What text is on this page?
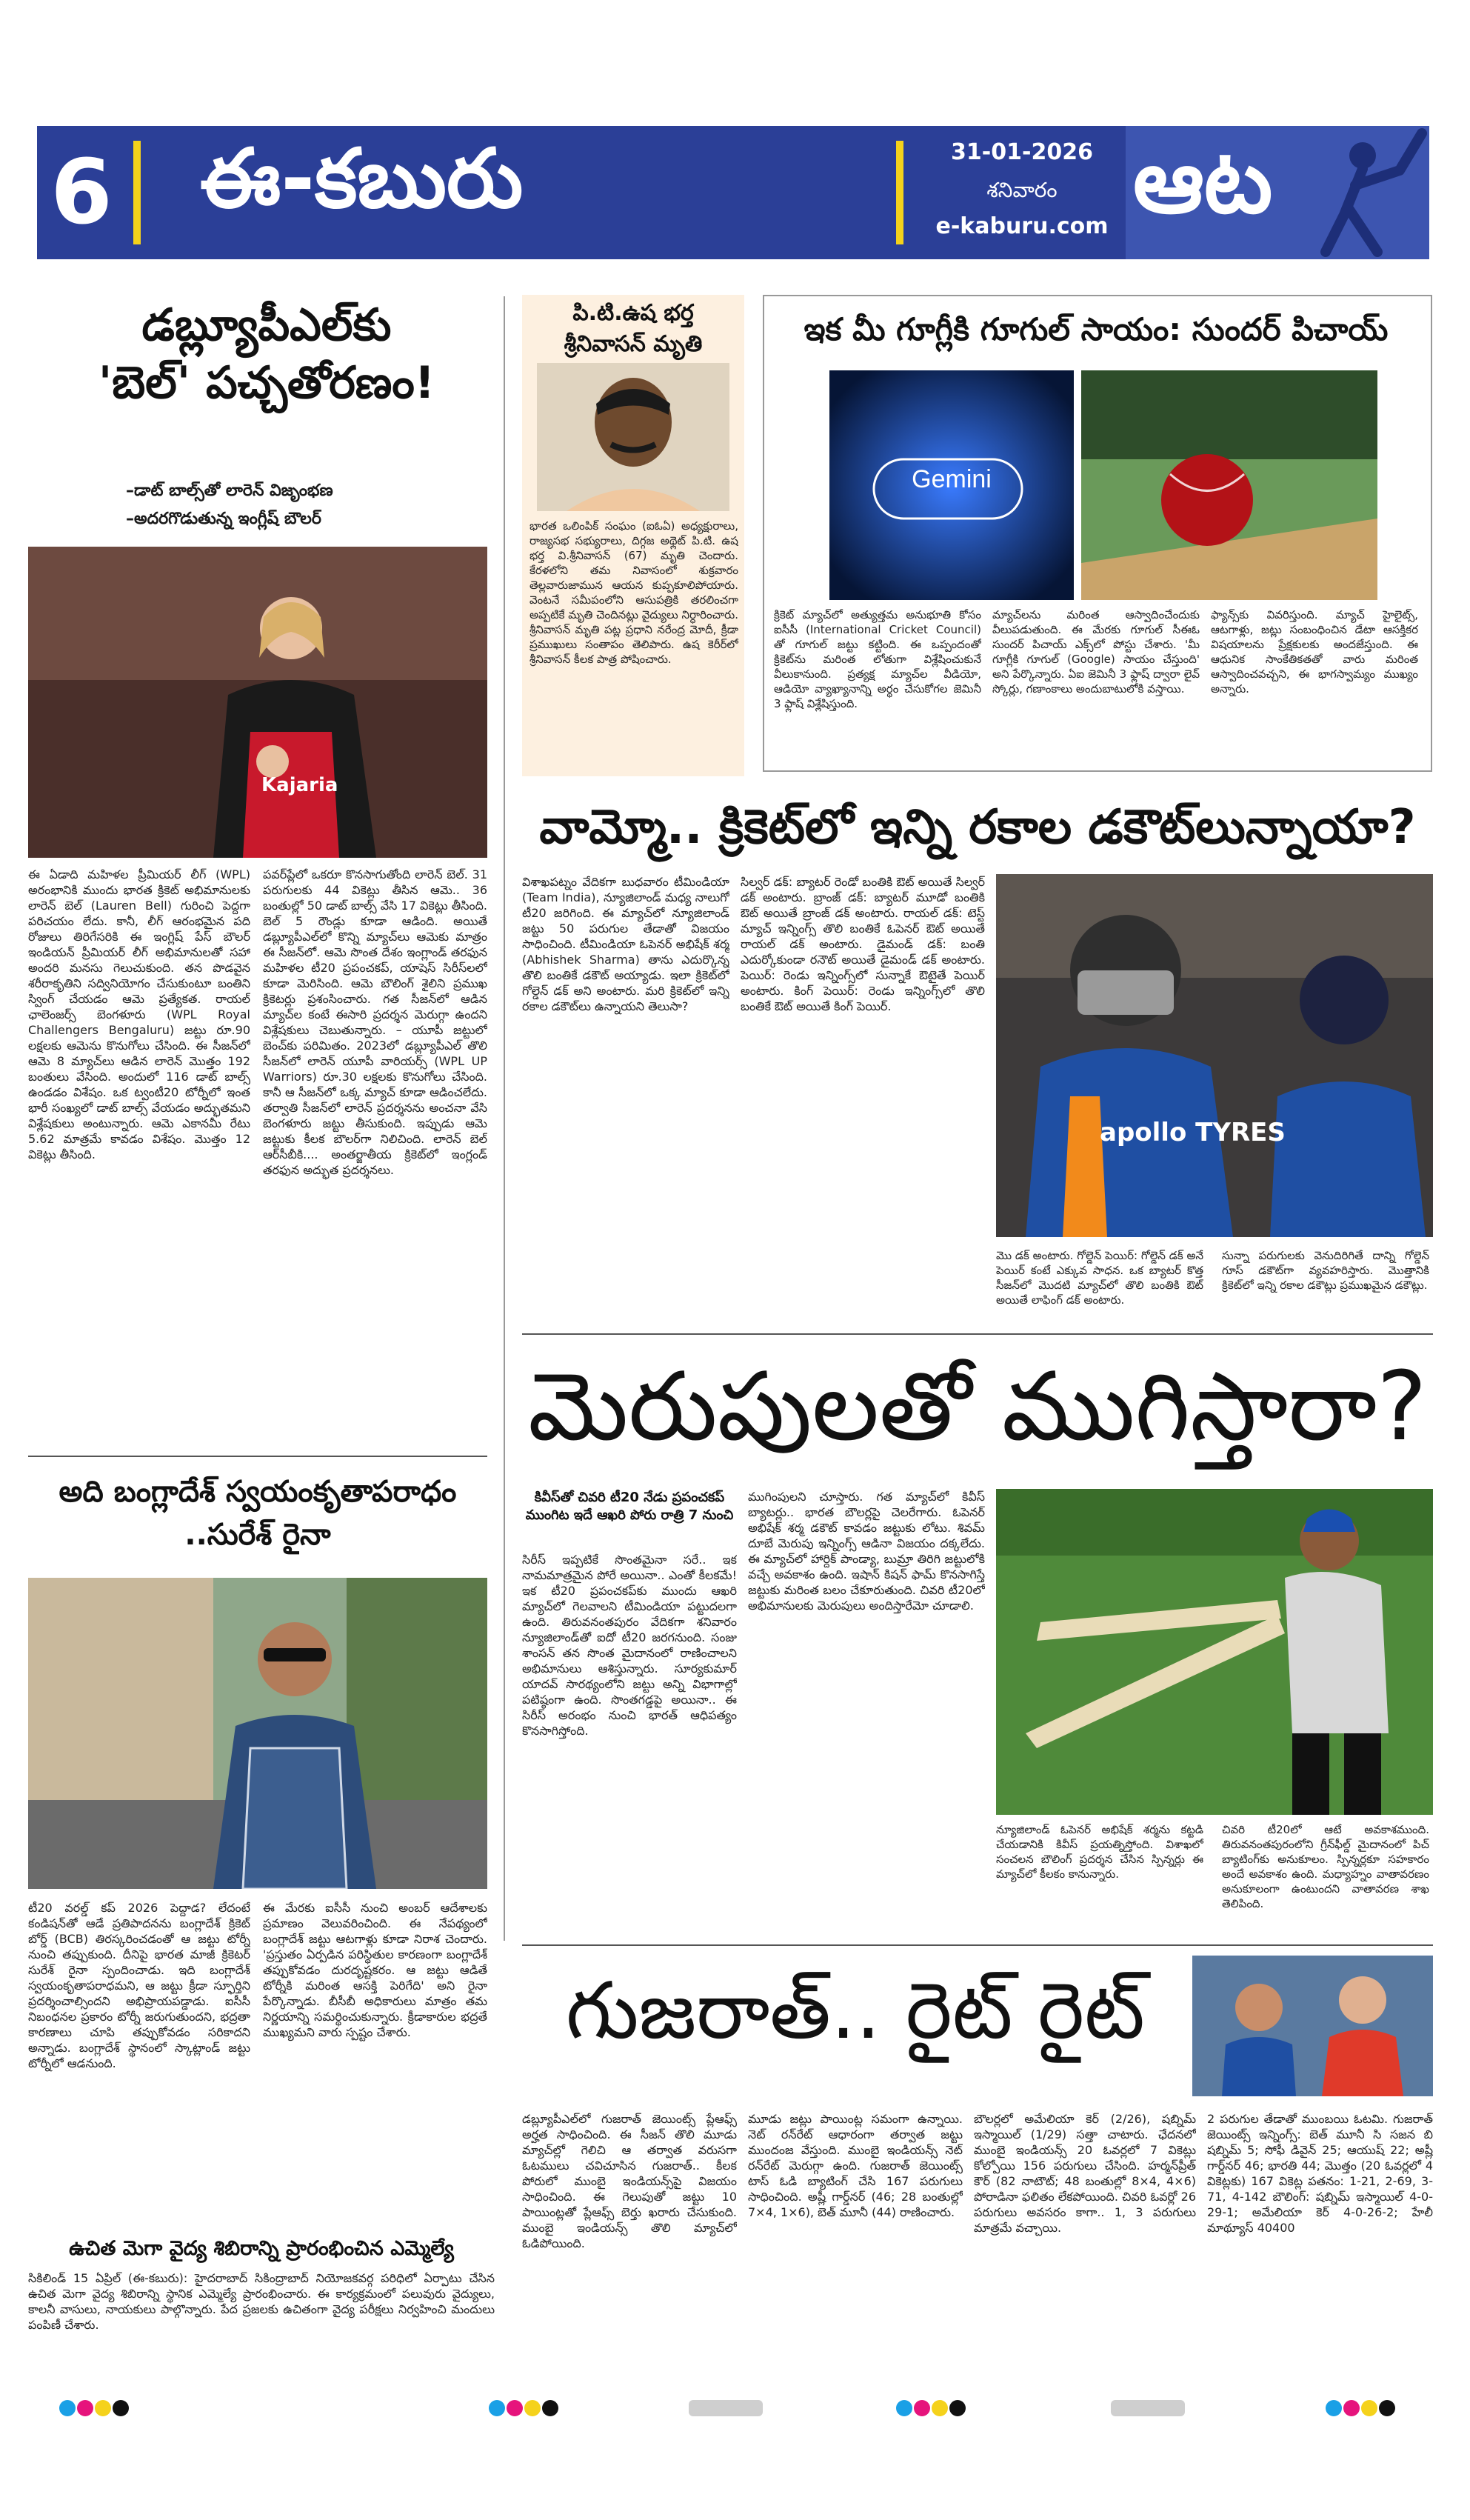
6 ఈ-కబురు	31-01-2026
శనివారం
e-kaburu.com ఆట
డబ్ల్యూపీఎల్‌కు
'బెల్' పచ్చతోరణం!
–డాట్ బాల్స్‌తో లారెన్ విజృంభణ
–అదరగొడుతున్న ఇంగ్లీష్ బౌలర్
Kajaria
ఈ ఏడాది మహిళల ప్రీమియర్ లీగ్ (WPL) అరంభానికి ముందు భారత క్రికెట్ అభిమానులకు లారెన్ బెల్ (Lauren Bell) గురించి పెద్దగా పరిచయం లేదు. కానీ, లీగ్ ఆరంభమైన పది రోజులు తిరిగేసరికి ఈ ఇంగ్లిష్ పేస్ బౌలర్ ఇండియన్ ప్రీమియర్ లీగ్ అభిమానులతో సహా అందరి మనసు గెలుచుకుంది. తన పొడవైన శరీరాకృతిని సద్వినియోగం చేసుకుంటూ బంతిని స్వింగ్ చేయడం ఆమె ప్రత్యేకత. రాయల్ ఛాలెంజర్స్ బెంగళూరు (WPL Royal Challengers Bengaluru) జట్టు రూ.90 లక్షలకు ఆమెను కొనుగోలు చేసింది. ఈ సీజన్‌లో ఆమె 8 మ్యాచ్‌లు ఆడిన లారెన్ మొత్తం 192 బంతులు వేసింది. అందులో 116 డాట్ బాల్స్ ఉండడం విశేషం. ఒక ట్వంటీ20 టోర్నీలో ఇంత భారీ సంఖ్యలో డాట్ బాల్స్ వేయడం అద్భుతమని విశ్లేషకులు అంటున్నారు. ఆమె ఎకానమీ రేటు 5.62 మాత్రమే కావడం విశేషం. మొత్తం 12 వికెట్లు తీసింది.
పవర్‌ప్లేలో ఒకరూ కొనసాగుతోంది లారెన్ బెల్. 31 పరుగులకు 44 వికెట్లు తీసిన ఆమె.. 36 బంతుల్లో 50 డాట్ బాల్స్ వేసి 17 వికెట్లు తీసింది. బెల్ 5 రౌండ్లు కూడా ఆడింది. అయితే డబ్ల్యూపీఎల్‌లో కొన్ని మ్యాచ్‌లు ఆమెకు మాత్రం ఈ సీజన్‌లో. ఆమె సొంత దేశం ఇంగ్లాండ్ తరఫున మహిళల టీ20 ప్రపంచకప్, యాషెస్ సిరీస్‌లలో కూడా మెరిసింది. ఆమె బౌలింగ్ శైలిని ప్రముఖ క్రికెటర్లు ప్రశంసించారు. గత సీజన్‌లో ఆడిన మ్యాచ్‌ల కంటే ఈసారి ప్రదర్శన మెరుగ్గా ఉందని విశ్లేషకులు చెబుతున్నారు. – యూపీ జట్టులో బెంచ్‌కు పరిమితం. 2023లో డబ్ల్యూపీఎల్ తొలి సీజన్‌లో లారెన్ యూపీ వారియర్స్ (WPL UP Warriors) రూ.30 లక్షలకు కొనుగోలు చేసింది. కానీ ఆ సీజన్‌లో ఒక్క మ్యాచ్ కూడా ఆడించలేదు. తర్వాతి సీజన్‌లో లారెన్ ప్రదర్శనను అంచనా వేసి బెంగళూరు జట్టు తీసుకుంది. ఇప్పుడు ఆమె జట్టుకు కీలక బౌలర్‌గా నిలిచింది. లారెన్ బెల్ ఆర్‌సీబీకి.... అంతర్జాతీయ క్రికెట్‌లో ఇంగ్లండ్ తరఫున అద్భుత ప్రదర్శనలు.
అది బంగ్లాదేశ్ స్వయంకృతాపరాధం
..సురేశ్ రైనా
టీ20 వరల్డ్ కప్ 2026 పెద్దాడ? లేదంటే కండిషన్‌తో ఆడే ప్రతిపాదనను బంగ్లాదేశ్ క్రికెట్ బోర్డ్ (BCB) తిరస్కరించడంతో ఆ జట్టు టోర్నీ నుంచి తప్పుకుంది. దీనిపై భారత మాజీ క్రికెటర్ సురేశ్ రైనా స్పందించాడు. ఇది బంగ్లాదేశ్ స్వయంకృతాపరాధమని, ఆ జట్టు క్రీడా స్ఫూర్తిని ప్రదర్శించాల్సిందని అభిప్రాయపడ్డాడు. ఐసీసీ నిబంధనల ప్రకారం టోర్నీ జరుగుతుందని, భద్రతా కారణాలు చూపి తప్పుకోవడం సరికాదని అన్నాడు. బంగ్లాదేశ్ స్థానంలో స్కాట్లాండ్ జట్టు టోర్నీలో ఆడనుంది.
ఈ మేరకు ఐసీసీ నుంచి అంబర్ ఆదేశాలకు ప్రమాణం వెలువరించింది. ఈ నేపథ్యంలో బంగ్లాదేశ్ జట్టు ఆటగాళ్లు కూడా నిరాశ చెందారు. 'ప్రస్తుతం ఏర్పడిన పరిస్థితుల కారణంగా బంగ్లాదేశ్ తప్పుకోవడం దురదృష్టకరం. ఆ జట్టు ఆడితే టోర్నీకి మరింత ఆసక్తి పెరిగేది' అని రైనా పేర్కొన్నాడు. బీసీబీ అధికారులు మాత్రం తమ నిర్ణయాన్ని సమర్థించుకున్నారు. క్రీడాకారుల భద్రతే ముఖ్యమని వారు స్పష్టం చేశారు.
ఉచిత మెగా వైద్య శిబిరాన్ని ప్రారంభించిన ఎమ్మెల్యే
సికిలిండ్ 15 ఏప్రిల్ (ఈ-కబురు): హైదరాబాద్ సికింద్రాబాద్ నియోజకవర్గ పరిధిలో ఏర్పాటు చేసిన ఉచిత మెగా వైద్య శిబిరాన్ని స్థానిక ఎమ్మెల్యే ప్రారంభించారు. ఈ కార్యక్రమంలో పలువురు వైద్యులు, కాలనీ వాసులు, నాయకులు పాల్గొన్నారు. పేద ప్రజలకు ఉచితంగా వైద్య పరీక్షలు నిర్వహించి మందులు పంపిణీ చేశారు.
పి.టి.ఉష భర్త
శ్రీనివాసన్ మృతి
భారత ఒలింపిక్ సంఘం (ఐఓఏ) అధ్యక్షురాలు, రాజ్యసభ సభ్యురాలు, దిగ్గజ అథ్లెట్ పి.టి. ఉష భర్త వి.శ్రీనివాసన్ (67) మృతి చెందారు. కేరళలోని తమ నివాసంలో శుక్రవారం తెల్లవారుజామున ఆయన కుప్పకూలిపోయారు. వెంటనే సమీపంలోని ఆసుపత్రికి తరలించగా అప్పటికే మృతి చెందినట్లు వైద్యులు నిర్ధారించారు. శ్రీనివాసన్ మృతి పట్ల ప్రధాని నరేంద్ర మోదీ, క్రీడా ప్రముఖులు సంతాపం తెలిపారు. ఉష కెరీర్‌లో శ్రీనివాసన్ కీలక పాత్ర పోషించారు.
ఇక మీ గూగ్లీకి గూగుల్ సాయం: సుందర్ పిచాయ్
Gemini
క్రికెట్ మ్యాచ్‌లో అత్యుత్తమ అనుభూతి కోసం ఐసీసీ (International Cricket Council) తో గూగుల్ జట్టు కట్టింది. ఈ ఒప్పందంతో క్రికెట్‌ను మరింత లోతుగా విశ్లేషించుకునే వీలుకానుంది. ప్రత్యక్ష మ్యాచ్‌ల వీడియో, ఆడియో వ్యాఖ్యానాన్ని అర్థం చేసుకోగల జెమినీ 3 ఫ్లాష్ విశ్లేషిస్తుంది.
మ్యాచ్‌లను మరింత ఆస్వాదించేందుకు వీలుపడుతుంది. ఈ మేరకు గూగుల్ సీఈఓ సుందర్ పిచాయ్ ఎక్స్‌లో పోస్టు చేశారు. 'మీ గూగ్లీకి గూగుల్ (Google) సాయం చేస్తుంది' అని పేర్కొన్నారు. ఏఐ జెమినీ 3 ఫ్లాష్ ద్వారా లైవ్ స్కోర్లు, గణాంకాలు అందుబాటులోకి వస్తాయి.
ఫ్యాన్స్‌కు వివరిస్తుంది. మ్యాచ్ హైలైట్స్, ఆటగాళ్లు, జట్లు సంబంధించిన డేటా ఆసక్తికర విషయాలను ప్రేక్షకులకు అందజేస్తుంది. ఈ ఆధునిక సాంకేతికతతో వారు మరింత ఆస్వాదించవచ్చని, ఈ భాగస్వామ్యం ముఖ్యం అన్నారు.
వామ్మో.. క్రికెట్‌లో ఇన్ని రకాల డకౌట్‌లున్నాయా?
విశాఖపట్నం వేదికగా బుధవారం టీమిండియా (Team India), న్యూజిలాండ్ మధ్య నాలుగో టీ20 జరిగింది. ఈ మ్యాచ్‌లో న్యూజిలాండ్ జట్టు 50 పరుగుల తేడాతో విజయం సాధించింది. టీమిండియా ఓపెనర్ అభిషేక్ శర్మ (Abhishek Sharma) తాను ఎదుర్కొన్న తొలి బంతికే డకౌట్ అయ్యాడు. ఇలా క్రికెట్‌లో గోల్డెన్ డక్ అని అంటారు. మరి క్రికెట్‌లో ఇన్ని రకాల డకౌట్‌లు ఉన్నాయని తెలుసా?
సిల్వర్ డక్: బ్యాటర్ రెండో బంతికి ఔట్ అయితే సిల్వర్ డక్ అంటారు. బ్రాంజ్ డక్: బ్యాటర్ మూడో బంతికి ఔట్ అయితే బ్రాంజ్ డక్ అంటారు. రాయల్ డక్: టెస్ట్ మ్యాచ్ ఇన్నింగ్స్ తొలి బంతికే ఓపెనర్ ఔట్ అయితే రాయల్ డక్ అంటారు. డైమండ్ డక్: బంతి ఎదుర్కోకుండా రనౌట్ అయితే డైమండ్ డక్ అంటారు. పెయిర్: రెండు ఇన్నింగ్స్‌లో సున్నాకే ఔటైతే పెయిర్ అంటారు. కింగ్ పెయిర్: రెండు ఇన్నింగ్స్‌లో తొలి బంతికే ఔట్ అయితే కింగ్ పెయిర్.
apollo TYRES
మొ డక్ అంటారు. గోల్డెన్ పెయిర్: గోల్డెన్ డక్ అనే పెయిర్ కంటే ఎక్కువ సాధన. ఒక బ్యాటర్ కొత్త సీజన్‌లో మొదటి మ్యాచ్‌లో తొలి బంతికి ఔట్ అయితే లాఫింగ్ డక్ అంటారు.
సున్నా పరుగులకు వెనుదిరిగితే దాన్ని గోల్డెన్ గూస్ డకౌట్‌గా వ్యవహరిస్తారు. మొత్తానికి క్రికెట్‌లో ఇన్ని రకాల డకౌట్లు ప్రముఖమైన డకౌట్లు.
మెరుపులతో ముగిస్తారా?
కివీస్‌తో చివరి టీ20 నేడు ప్రపంచకప్ ముంగిట ఇదే ఆఖరి పోరు రాత్రి 7 నుంచి
సిరీస్ ఇప్పటికే సొంతమైనా సరే.. ఇక నామమాత్రమైన పోరే అయినా.. ఎంతో కీలకమే! ఇక టీ20 ప్రపంచకప్‌కు ముందు ఆఖరి మ్యాచ్‌లో గెలవాలని టీమిండియా పట్టుదలగా ఉంది. తిరువనంతపురం వేదికగా శనివారం న్యూజిలాండ్‌తో ఐదో టీ20 జరగనుంది. సంజు శాంసన్ తన సొంత మైదానంలో రాణించాలని అభిమానులు ఆశిస్తున్నారు. సూర్యకుమార్ యాదవ్ సారథ్యంలోని జట్టు అన్ని విభాగాల్లో పటిష్ఠంగా ఉంది. సొంతగడ్డపై అయినా.. ఈ సిరీస్ అరంభం నుంచి భారత్ ఆధిపత్యం కొనసాగిస్తోంది.
ముగింపులని చూస్తారు. గత మ్యాచ్‌లో కివీస్ బ్యాటర్లు.. భారత బౌలర్లపై చెలరేగారు. ఓపెనర్ అభిషేక్ శర్మ డకౌట్ కావడం జట్టుకు లోటు. శివమ్ దూబే మెరుపు ఇన్నింగ్స్ ఆడినా విజయం దక్కలేదు. ఈ మ్యాచ్‌లో హార్దిక్ పాండ్యా, బుమ్రా తిరిగి జట్టులోకి వచ్చే అవకాశం ఉంది. ఇషాన్ కిషన్ ఫామ్ కొనసాగిస్తే జట్టుకు మరింత బలం చేకూరుతుంది. చివరి టీ20లో అభిమానులకు మెరుపులు అందిస్తారేమో చూడాలి.
న్యూజిలాండ్ ఓపెనర్ అభిషేక్ శర్మను కట్టడి చేయడానికి కివీస్ ప్రయత్నిస్తోంది. విశాఖలో సంచలన బౌలింగ్ ప్రదర్శన చేసిన స్పిన్నర్లు ఈ మ్యాచ్‌లో కీలకం కానున్నారు.
చివరి టీ20లో ఆటే అవకాశముంది. తిరువనంతపురంలోని గ్రీన్‌ఫీల్డ్ మైదానంలో పిచ్ బ్యాటింగ్‌కు అనుకూలం. స్పిన్నర్లకూ సహకారం అందే అవకాశం ఉంది. మధ్యాహ్నం వాతావరణం అనుకూలంగా ఉంటుందని వాతావరణ శాఖ తెలిపింది.
గుజరాత్.. రైట్ రైట్
డబ్ల్యూపీఎల్‌లో గుజరాత్ జెయింట్స్ ప్లేఆఫ్స్ అర్హత సాధించింది. ఈ సీజన్ తొలి మూడు మ్యాచ్‌ల్లో గెలిచి ఆ తర్వాత వరుసగా ఓటములు చవిచూసిన గుజరాత్.. కీలక పోరులో ముంబై ఇండియన్స్‌పై విజయం సాధించింది. ఈ గెలుపుతో జట్టు 10 పాయింట్లతో ప్లేఆఫ్స్ బెర్తు ఖరారు చేసుకుంది. ముంబై ఇండియన్స్ తొలి మ్యాచ్‌లో ఓడిపోయింది.
మూడు జట్లు పాయింట్ల సమంగా ఉన్నాయి. నెట్ రన్‌రేట్ ఆధారంగా తర్వాత జట్టు ముందంజ వేస్తుంది. ముంబై ఇండియన్స్ నెట్ రన్‌రేట్ మెరుగ్గా ఉంది. గుజరాత్ జెయింట్స్ టాస్ ఓడి బ్యాటింగ్ చేసి 167 పరుగులు సాధించింది. అష్లీ గార్డ్‌నర్ (46; 28 బంతుల్లో 7×4, 1×6), బెత్ మూనీ (44) రాణించారు.
బౌలర్లలో అమేలియా కెర్ (2/26), షబ్నిమ్ ఇస్మాయిల్ (1/29) సత్తా చాటారు. ఛేదనలో ముంబై ఇండియన్స్ 20 ఓవర్లలో 7 వికెట్లు కోల్పోయి 156 పరుగులు చేసింది. హర్మన్‌ప్రీత్ కౌర్ (82 నాటౌట్; 48 బంతుల్లో 8×4, 4×6) పోరాడినా ఫలితం లేకపోయింది. చివరి ఓవర్లో 26 పరుగులు అవసరం కాగా.. 1, 3 పరుగులు మాత్రమే వచ్చాయి.
2 పరుగుల తేడాతో ముంబయి ఓటమి. గుజరాత్ జెయింట్స్ ఇన్నింగ్స్: బెత్ మూనీ సి సజన బి షబ్నిమ్ 5; సోఫీ డివైన్ 25; ఆయుష్ 22; అష్లీ గార్డ్‌నర్ 46; భారతి 44; మొత్తం (20 ఓవర్లలో 4 వికెట్లకు) 167 వికెట్ల పతనం: 1-21, 2-69, 3-71, 4-142 బౌలింగ్: షబ్నిమ్ ఇస్మాయిల్ 4-0-29-1; అమేలియా కెర్ 4-0-26-2; హేలీ మాథ్యూస్ 40400
